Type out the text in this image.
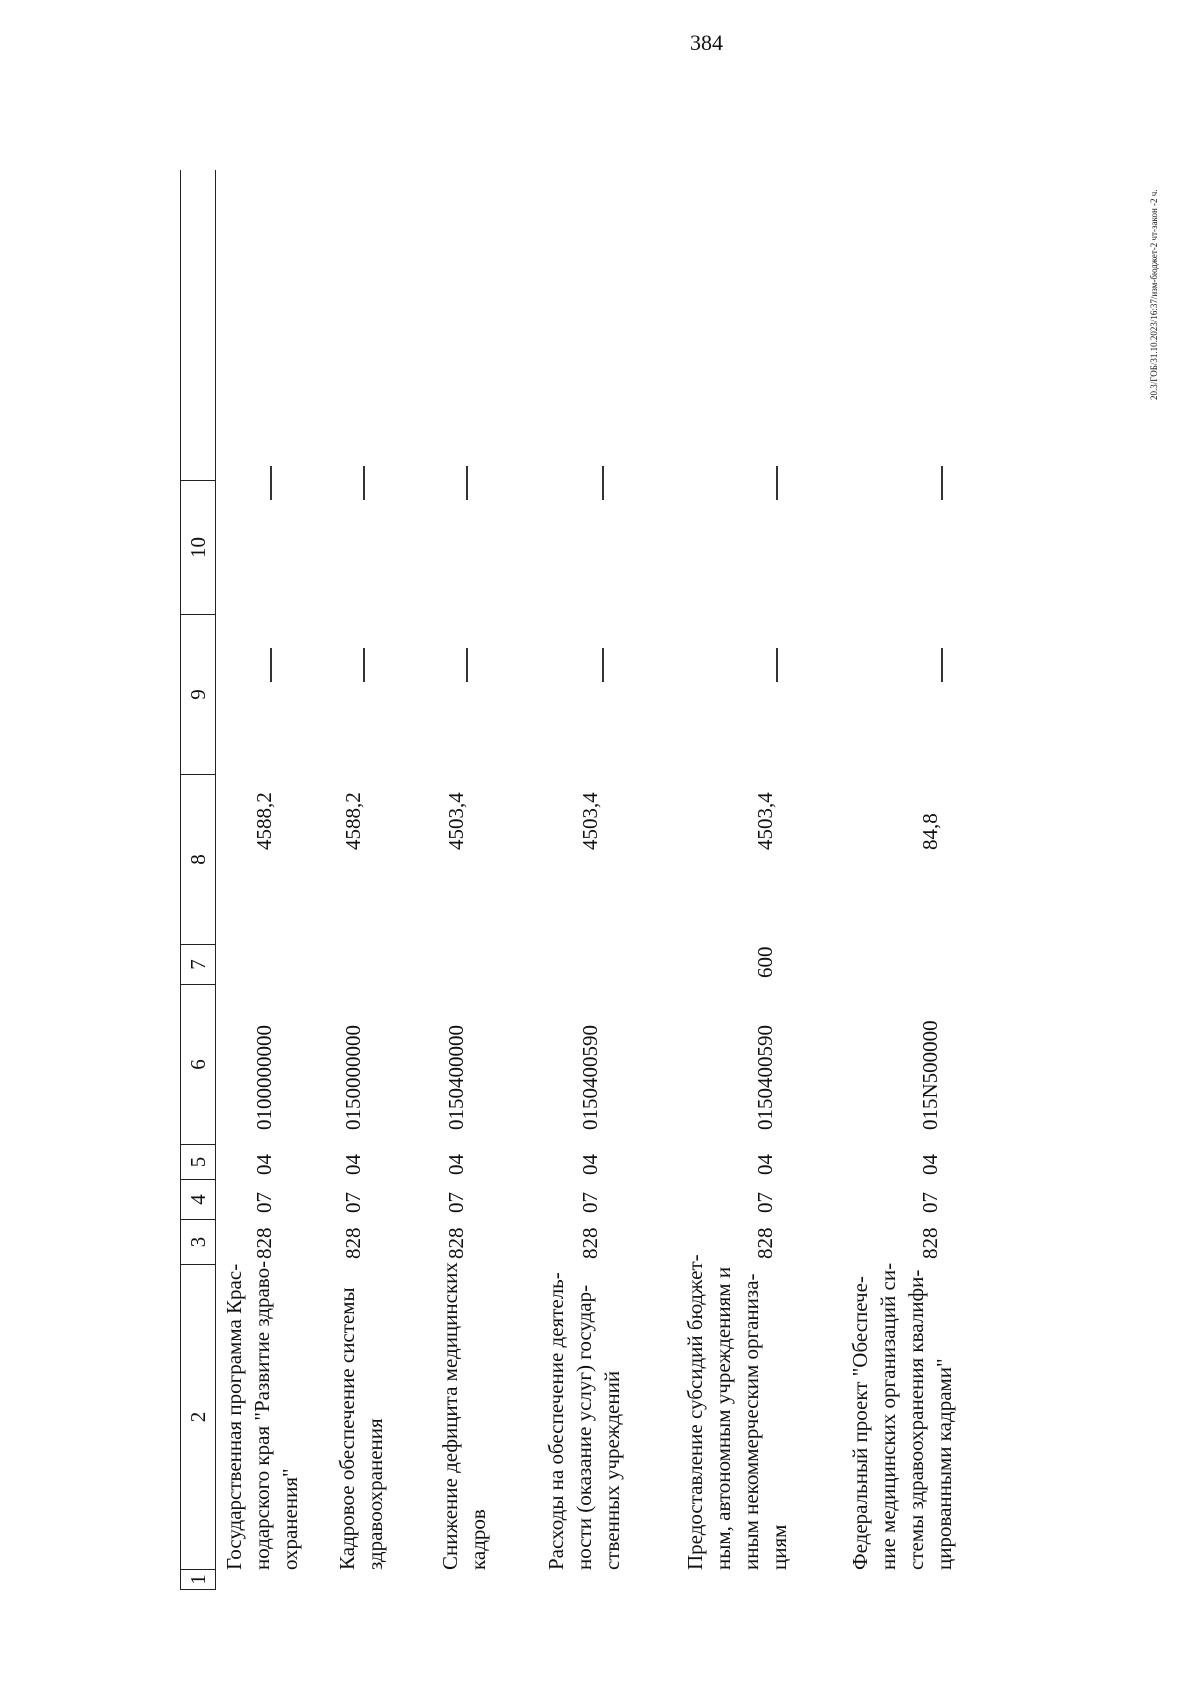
384
20.3/ГОБ/31.10.2023/16:37/изм-бюджет-2 чт-закон -2 ч.
1
2
3
4
5
6
7
8
9
10
Государственная программа Крас- нодарского края "Развитие здраво- охранения"
828
07
04
0100000000
4588,2
Кадровое обеспечение системы здравоохранения
828
07
04
0150000000
4588,2
Снижение дефицита медицинских кадров
828
07
04
0150400000
4503,4
Расходы на обеспечение деятель- ности (оказание услуг) государ- ственных учреждений
828
07
04
0150400590
4503,4
Предоставление субсидий бюджет- ным, автономным учреждениям и иным некоммерческим организа- циям
828
07
04
0150400590
600
4503,4
Федеральный проект "Обеспече- ние медицинских организаций си- стемы здравоохранения квалифи- цированными кадрами"
828
07
04
015N500000
84,8
